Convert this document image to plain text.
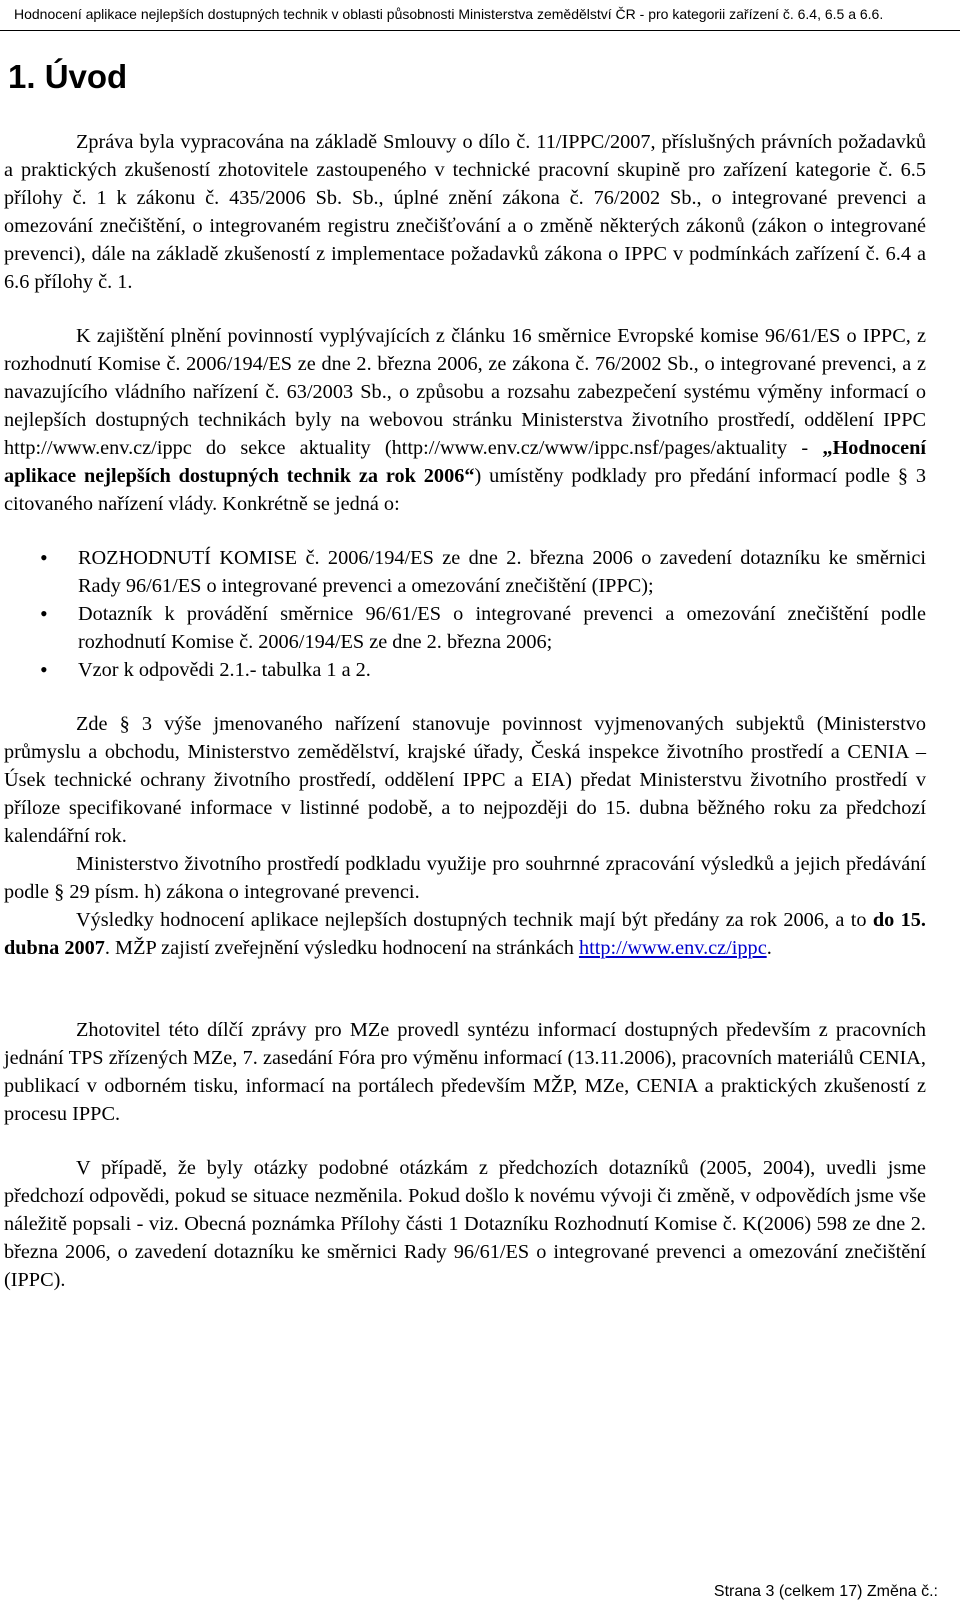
Hodnocení aplikace nejlepších dostupných technik v oblasti působnosti Ministerstva zemědělství ČR - pro kategorii zařízení č. 6.4, 6.5 a 6.6.
1. Úvod

Zpráva byla vypracována na základě Smlouvy o dílo č. 11/IPPC/2007, příslušných právních požadavků a praktických zkušeností zhotovitele zastoupeného v technické pracovní skupině pro zařízení kategorie č. 6.5 přílohy č. 1 k zákonu č. 435/2006 Sb. Sb., úplné znění zákona č. 76/2002 Sb., o integrované prevenci a omezování znečištění, o integrovaném registru znečišťování a o změně některých zákonů (zákon o integrované prevenci), dále na základě zkušeností z implementace požadavků zákona o IPPC v podmínkách zařízení č. 6.4 a 6.6 přílohy č. 1.

K zajištění plnění povinností vyplývajících z článku 16 směrnice Evropské komise 96/61/ES o IPPC, z rozhodnutí Komise č. 2006/194/ES ze dne 2. března 2006, ze zákona č. 76/2002 Sb., o integrované prevenci, a z navazujícího vládního nařízení č. 63/2003 Sb., o způsobu a rozsahu zabezpečení systému výměny informací o nejlepších dostupných technikách byly na webovou stránku Ministerstva životního prostředí, oddělení IPPC http://www.env.cz/ippc do sekce aktuality (http://www.env.cz/www/ippc.nsf/pages/aktuality - „Hodnocení aplikace nejlepších dostupných technik za rok 2006“) umístěny podklady pro předání informací podle § 3 citovaného nařízení vlády. Konkrétně se jedná o:

• ROZHODNUTÍ KOMISE č. 2006/194/ES ze dne 2. března 2006 o zavedení dotazníku ke směrnici Rady 96/61/ES o integrované prevenci a omezování znečištění (IPPC);
• Dotazník k provádění směrnice 96/61/ES o integrované prevenci a omezování znečištění podle rozhodnutí Komise č. 2006/194/ES ze dne 2. března 2006;
• Vzor k odpovědi 2.1.- tabulka 1 a 2.

Zde § 3 výše jmenovaného nařízení stanovuje povinnost vyjmenovaných subjektů (Ministerstvo průmyslu a obchodu, Ministerstvo zemědělství, krajské úřady, Česká inspekce životního prostředí a CENIA – Úsek technické ochrany životního prostředí, oddělení IPPC a EIA) předat Ministerstvu životního prostředí v příloze specifikované informace v listinné podobě, a to nejpozději do 15. dubna běžného roku za předchozí kalendářní rok.

Ministerstvo životního prostředí podkladu využije pro souhrnné zpracování výsledků a jejich předávání podle § 29 písm. h) zákona o integrované prevenci.

Výsledky hodnocení aplikace nejlepších dostupných technik mají být předány za rok 2006, a to do 15. dubna 2007. MŽP zajistí zveřejnění výsledku hodnocení na stránkách http://www.env.cz/ippc.

Zhotovitel této dílčí zprávy pro MZe provedl syntézu informací dostupných především z pracovních jednání TPS zřízených MZe, 7. zasedání Fóra pro výměnu informací (13.11.2006), pracovních materiálů CENIA, publikací v odborném tisku, informací na portálech především MŽP, MZe, CENIA a praktických zkušeností z procesu IPPC.

V případě, že byly otázky podobné otázkám z předchozích dotazníků (2005, 2004), uvedli jsme předchozí odpovědi, pokud se situace nezměnila. Pokud došlo k novému vývoji či změně, v odpovědích jsme vše náležitě popsali - viz. Obecná poznámka Přílohy části 1 Dotazníku Rozhodnutí Komise č. K(2006) 598 ze dne 2. března 2006, o zavedení dotazníku ke směrnici Rady 96/61/ES o integrované prevenci a omezování znečištění (IPPC).

Strana 3 (celkem 17) Změna č.:
